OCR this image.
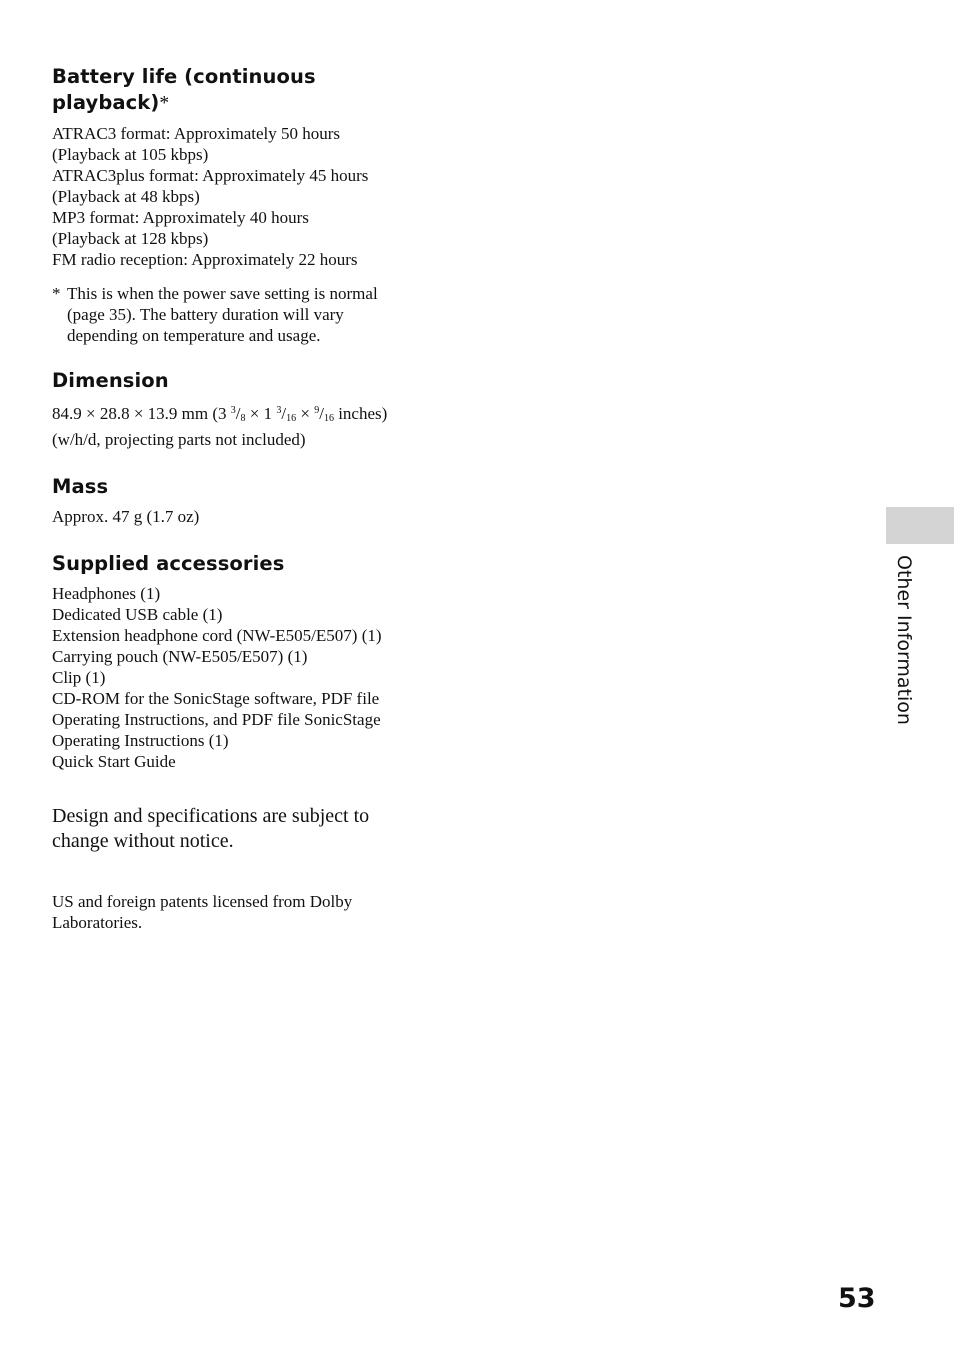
Battery life (continuous
playback)*

ATRAC3 format: Approximately 50 hours
(Playback at 105 kbps)
ATRAC3plus format: Approximately 45 hours
(Playback at 48 kbps)
MP3 format: Approximately 40 hours
(Playback at 128 kbps)
FM radio reception: Approximately 22 hours

* This is when the power save setting is normal
(page 35). The battery duration will vary
depending on temperature and usage.
Dimension

84.9 × 28.8 × 13.9 mm (3 $^3/_8 \times 1$ $^3/_{16} \times ^9/_{16}$ inches)
(w/h/d, projecting parts not included)

Mass

Approx. 47 g (1.7 oz)

Supplied accessories

Headphones (1)
Dedicated USB cable (1)
Extension headphone cord (NW-E505/E507) (1)
Carrying pouch (NW-E505/E507) (1)
Clip (1)
CD-ROM for the SonicStage software, PDF file
Operating Instructions, and PDF file SonicStage
Operating Instructions (1)
Quick Start Guide

Design and specifications are subject to
change without notice.

US and foreign patents licensed from Dolby
Laboratories.

Other Information
53
